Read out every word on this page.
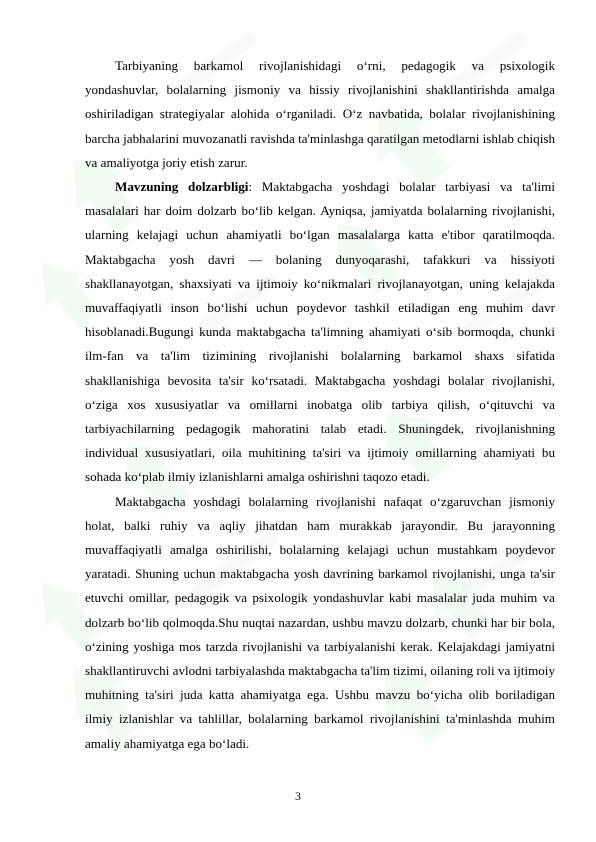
Tarbiyaning barkamol rivojlanishidagi o‘rni, pedagogik va psixologik yondashuvlar, bolalarning jismoniy va hissiy rivojlanishini shakllantirishda amalga oshiriladigan strategiyalar alohida o‘rganiladi. O‘z navbatida, bolalar rivojlanishining barcha jabhalarini muvozanatli ravishda ta'minlashga qaratilgan metodlarni ishlab chiqish va amaliyotga joriy etish zarur.

Mavzuning dolzarbligi: Maktabgacha yoshdagi bolalar tarbiyasi va ta'limi masalalari har doim dolzarb bo‘lib kelgan. Ayniqsa, jamiyatda bolalarning rivojlanishi, ularning kelajagi uchun ahamiyatli bo‘lgan masalalarga katta e'tibor qaratilmoqda. Maktabgacha yosh davri — bolaning dunyoqarashi, tafakkuri va hissiyoti shakllanayotgan, shaxsiyati va ijtimoiy ko‘nikmalari rivojlanayotgan, uning kelajakda muvaffaqiyatli inson bo‘lishi uchun poydevor tashkil etiladigan eng muhim davr hisoblanadi.Bugungi kunda maktabgacha ta'limning ahamiyati o‘sib bormoqda, chunki ilm-fan va ta'lim tizimining rivojlanishi bolalarning barkamol shaxs sifatida shakllanishiga bevosita ta'sir ko‘rsatadi. Maktabgacha yoshdagi bolalar rivojlanishi, o‘ziga xos xususiyatlar va omillarni inobatga olib tarbiya qilish, o‘qituvchi va tarbiyachilarning pedagogik mahoratini talab etadi. Shuningdek, rivojlanishning individual xususiyatlari, oila muhitining ta'siri va ijtimoiy omillarning ahamiyati bu sohada ko‘plab ilmiy izlanishlarni amalga oshirishni taqozo etadi.

Maktabgacha yoshdagi bolalarning rivojlanishi nafaqat o‘zgaruvchan jismoniy holat, balki ruhiy va aqliy jihatdan ham murakkab jarayondir. Bu jarayonning muvaffaqiyatli amalga oshirilishi, bolalarning kelajagi uchun mustahkam poydevor yaratadi. Shuning uchun maktabgacha yosh davrining barkamol rivojlanishi, unga ta'sir etuvchi omillar, pedagogik va psixologik yondashuvlar kabi masalalar juda muhim va dolzarb bo‘lib qolmoqda.Shu nuqtai nazardan, ushbu mavzu dolzarb, chunki har bir bola, o‘zining yoshiga mos tarzda rivojlanishi va tarbiyalanishi kerak. Kelajakdagi jamiyatni shakllantiruvchi avlodni tarbiyalashda maktabgacha ta'lim tizimi, oilaning roli va ijtimoiy muhitning ta'siri juda katta ahamiyatga ega. Ushbu mavzu bo‘yicha olib boriladigan ilmiy izlanishlar va tahlillar, bolalarning barkamol rivojlanishini ta'minlashda muhim amaliy ahamiyatga ega bo‘ladi.

3
